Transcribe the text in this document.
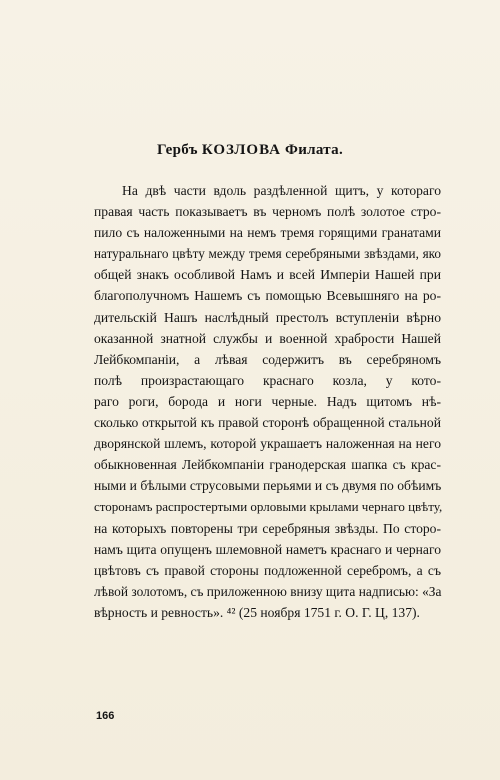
Гербъ КОЗЛОВА Филата.
На двѣ части вдоль раздѣленной щитъ, у котораго
правая часть показываетъ въ черномъ полѣ золотое стро-
пило съ наложенными на немъ тремя горящими гранатами
натуральнаго цвѣту между тремя серебряными звѣздами, яко
общей знакъ особливой Намъ и всей Имперіи Нашей при
благополучномъ Нашемъ съ помощью Всевышняго на ро-
дительскій Нашъ наслѣдный престолъ вступленіи вѣрно
оказанной знатной службы и военной храбрости Нашей
Лейбкомпаніи, а лѣвая содержитъ въ серебряномъ
полѣ произрастающаго краснаго козла, у кото-
раго роги, борода и ноги черные. Надъ щитомъ нѣ-
сколько открытой къ правой сторонѣ обращенной стальной
дворянской шлемъ, которой украшаетъ наложенная на него
обыкновенная Лейбкомпаніи гранодерская шапка съ крас-
ными и бѣлыми струсовыми перьями и съ двумя по обѣимъ
сторонамъ распростертыми орловыми крылами чернаго цвѣту,
на которыхъ повторены три серебряныя звѣзды. По сторо-
намъ щита опущенъ шлемовной наметъ краснаго и чернаго
цвѣтовъ съ правой стороны подложенной серебромъ, а съ
лѣвой золотомъ, съ приложенною внизу щита надписью: «За
вѣрность и ревность». ⁴² (25 ноября 1751 г. О. Г. Ц, 137).
166
